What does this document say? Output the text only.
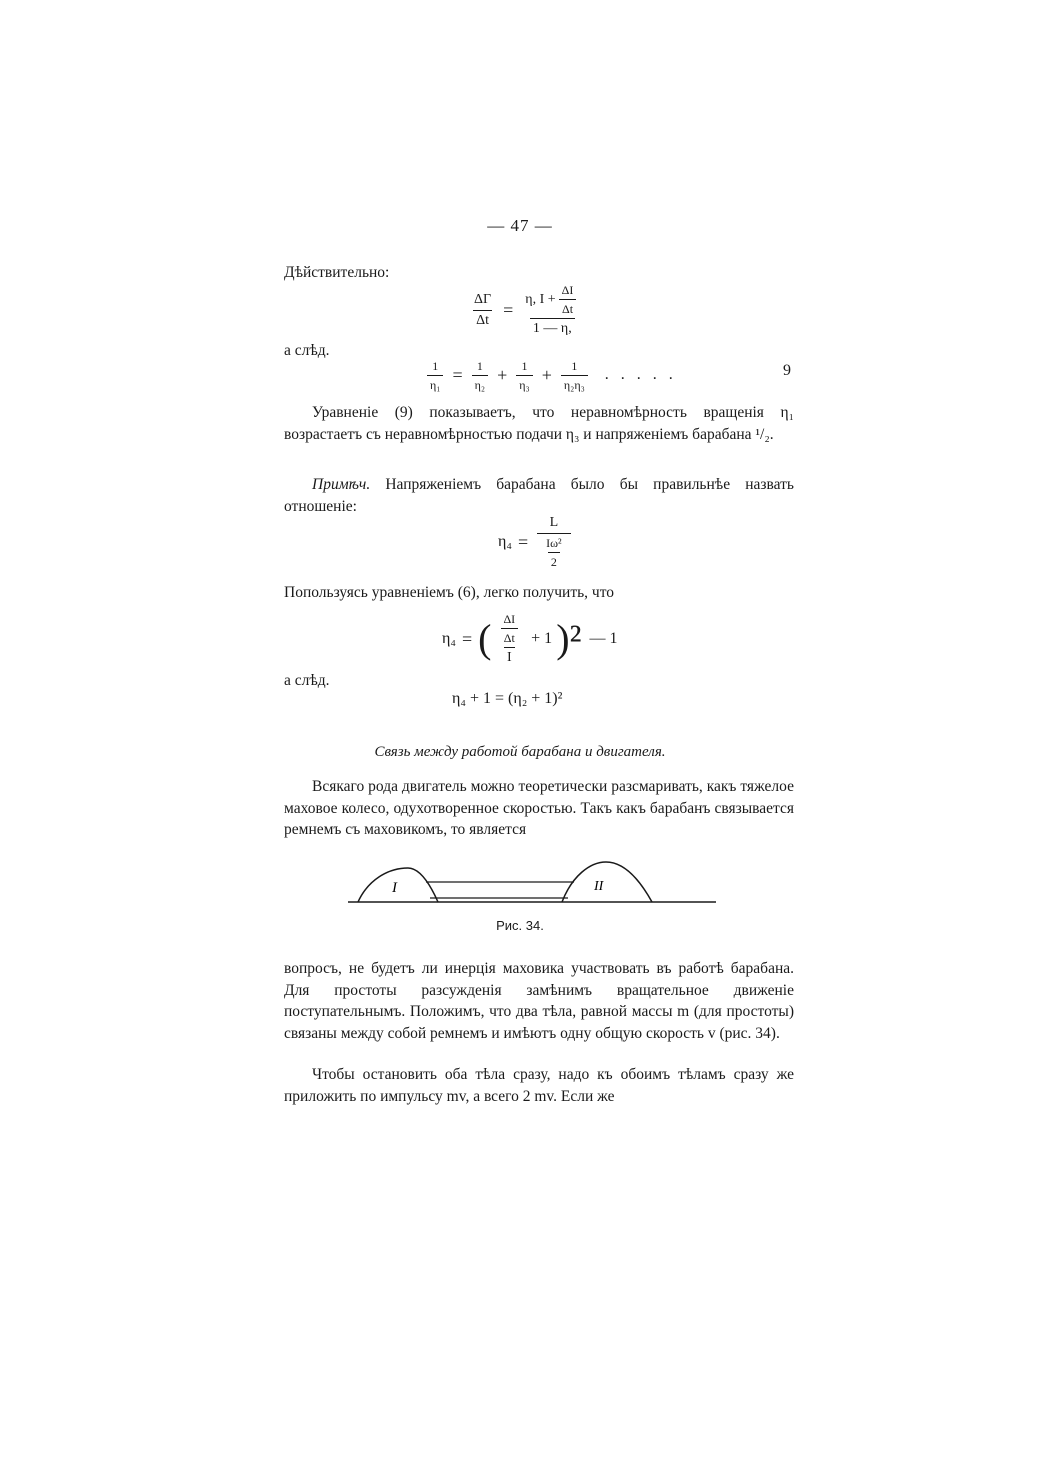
— 47 —
Дѣйствительно:
$\frac{\Delta\Gamma}{\Delta t} = \frac{\eta, I + \frac{\Delta I}{\Delta t}}{1 — \eta,}$
а слѣд.
$\frac{1}{\text{η₁}} = \frac{1}{\text{η₂}} + \frac{1}{\text{η₃}} + \frac{1}{\text{η₂η₃}}$ .....	9
Уравненіе (9) показываетъ, что неравномѣрность вращенія η₁ возрастаетъ съ неравномѣрностью подачи η₃ и напряженіемъ барабана ¹/₂.
Примѣч. Напряженіемъ барабана было бы правильнѣе назвать отношеніе:
$\eta_4 = \frac{L}{\frac{\text{Iω²}}{2}}$
Попользуясь уравненіемъ (6), легко получить, что
η₄ = ( $\frac{\frac{\Delta I}{\Delta t}}{I} + 1$ )² — 1
а слѣд.
η₄ + 1 = (η₂ + 1)²
Связь между работой барабана и двигателя.
Всякаго рода двигатель можно теоретически разсмаривать, какъ тяжелое маховое колесо, одухотворенное скоростью. Такъ какъ барабанъ связывается ремнемъ съ маховикомъ, то является
I	II
Рис. 34.
вопросъ, не будетъ ли инерція маховика участвовать въ работѣ барабана. Для простоты разсужденія замѣнимъ вращательное движеніе поступательнымъ. Положимъ, что два тѣла, равной массы m (для простоты) связаны между собой ремнемъ и имѣютъ одну общую скорость v (рис. 34).
Чтобы остановить оба тѣла сразу, надо къ обоимъ тѣламъ сразу же приложить по импульсу mv, а всего 2 mv. Если же
